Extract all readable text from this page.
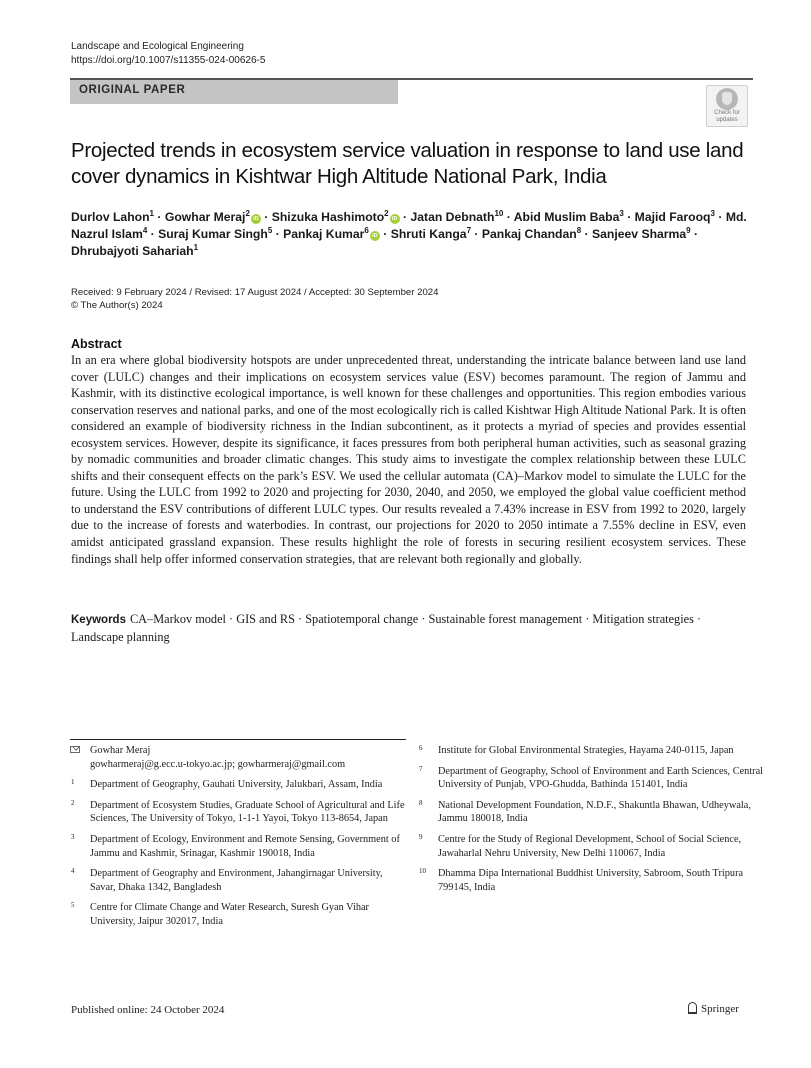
Landscape and Ecological Engineering
https://doi.org/10.1007/s11355-024-00626-5
ORIGINAL PAPER
Check for updates
Projected trends in ecosystem service valuation in response to land use land cover dynamics in Kishtwar High Altitude National Park, India
Durlov Lahon$^1$ · Gowhar Meraj$^2$iD · Shizuka Hashimoto$^2$iD · Jatan Debnath$^{10}$ · Abid Muslim Baba$^3$ · Majid Farooq$^3$ · Md. Nazrul Islam$^4$ · Suraj Kumar Singh$^5$ · Pankaj Kumar$^6$iD · Shruti Kanga$^7$ · Pankaj Chandan$^8$ · Sanjeev Sharma$^9$ · Dhrubajyoti Sahariah$^1$
Received: 9 February 2024 / Revised: 17 August 2024 / Accepted: 30 September 2024
© The Author(s) 2024
Abstract

In an era where global biodiversity hotspots are under unprecedented threat, understanding the intricate balance between land use land cover (LULC) changes and their implications on ecosystem services value (ESV) becomes paramount. The region of Jammu and Kashmir, with its distinctive ecological importance, is well known for these challenges and opportunities. This region embodies various conservation reserves and national parks, and one of the most ecologically rich is called Kishtwar High Altitude National Park. It is often considered an example of biodiversity richness in the Indian subcontinent, as it protects a myriad of species and provides essential ecosystem services. However, despite its significance, it faces pressures from both peripheral human activities, such as seasonal grazing by nomadic communities and broader climatic changes. This study aims to investigate the complex relationship between these LULC shifts and their consequent effects on the park’s ESV. We used the cellular automata (CA)–Markov model to simulate the LULC for the future. Using the LULC from 1992 to 2020 and projecting for 2030, 2040, and 2050, we employed the global value coefficient method to understand the ESV contributions of different LULC types. Our results revealed a 7.43% increase in ESV from 1992 to 2020, largely due to the increase of forests and waterbodies. In contrast, our projections for 2020 to 2050 intimate a 7.55% decline in ESV, even amidst anticipated grassland expansion. These results highlight the role of forests in securing resilient ecosystem services. These findings shall help offer informed conservation strategies, that are relevant both regionally and globally.

Keywords CA–Markov model · GIS and RS · Spatiotemporal change · Sustainable forest management · Mitigation strategies · Landscape planning
Gowhar Meraj
gowharmeraj@g.ecc.u-tokyo.ac.jp; gowharmeraj@gmail.com
1 Department of Geography, Gauhati University, Jalukbari, Assam, India
2 Department of Ecosystem Studies, Graduate School of Agricultural and Life Sciences, The University of Tokyo, 1-1-1 Yayoi, Tokyo 113-8654, Japan
3 Department of Ecology, Environment and Remote Sensing, Government of Jammu and Kashmir, Srinagar, Kashmir 190018, India
4 Department of Geography and Environment, Jahangirnagar University, Savar, Dhaka 1342, Bangladesh
5 Centre for Climate Change and Water Research, Suresh Gyan Vihar University, Jaipur 302017, India
6 Institute for Global Environmental Strategies, Hayama 240-0115, Japan
7 Department of Geography, School of Environment and Earth Sciences, Central University of Punjab, VPO-Ghudda, Bathinda 151401, India
8 National Development Foundation, N.D.F., Shakuntla Bhawan, Udheywala, Jammu 180018, India
9 Centre for the Study of Regional Development, School of Social Science, Jawaharlal Nehru University, New Delhi 110067, India
10 Dhamma Dipa International Buddhist University, Sabroom, South Tripura 799145, India
Published online: 24 October 2024	Springer
